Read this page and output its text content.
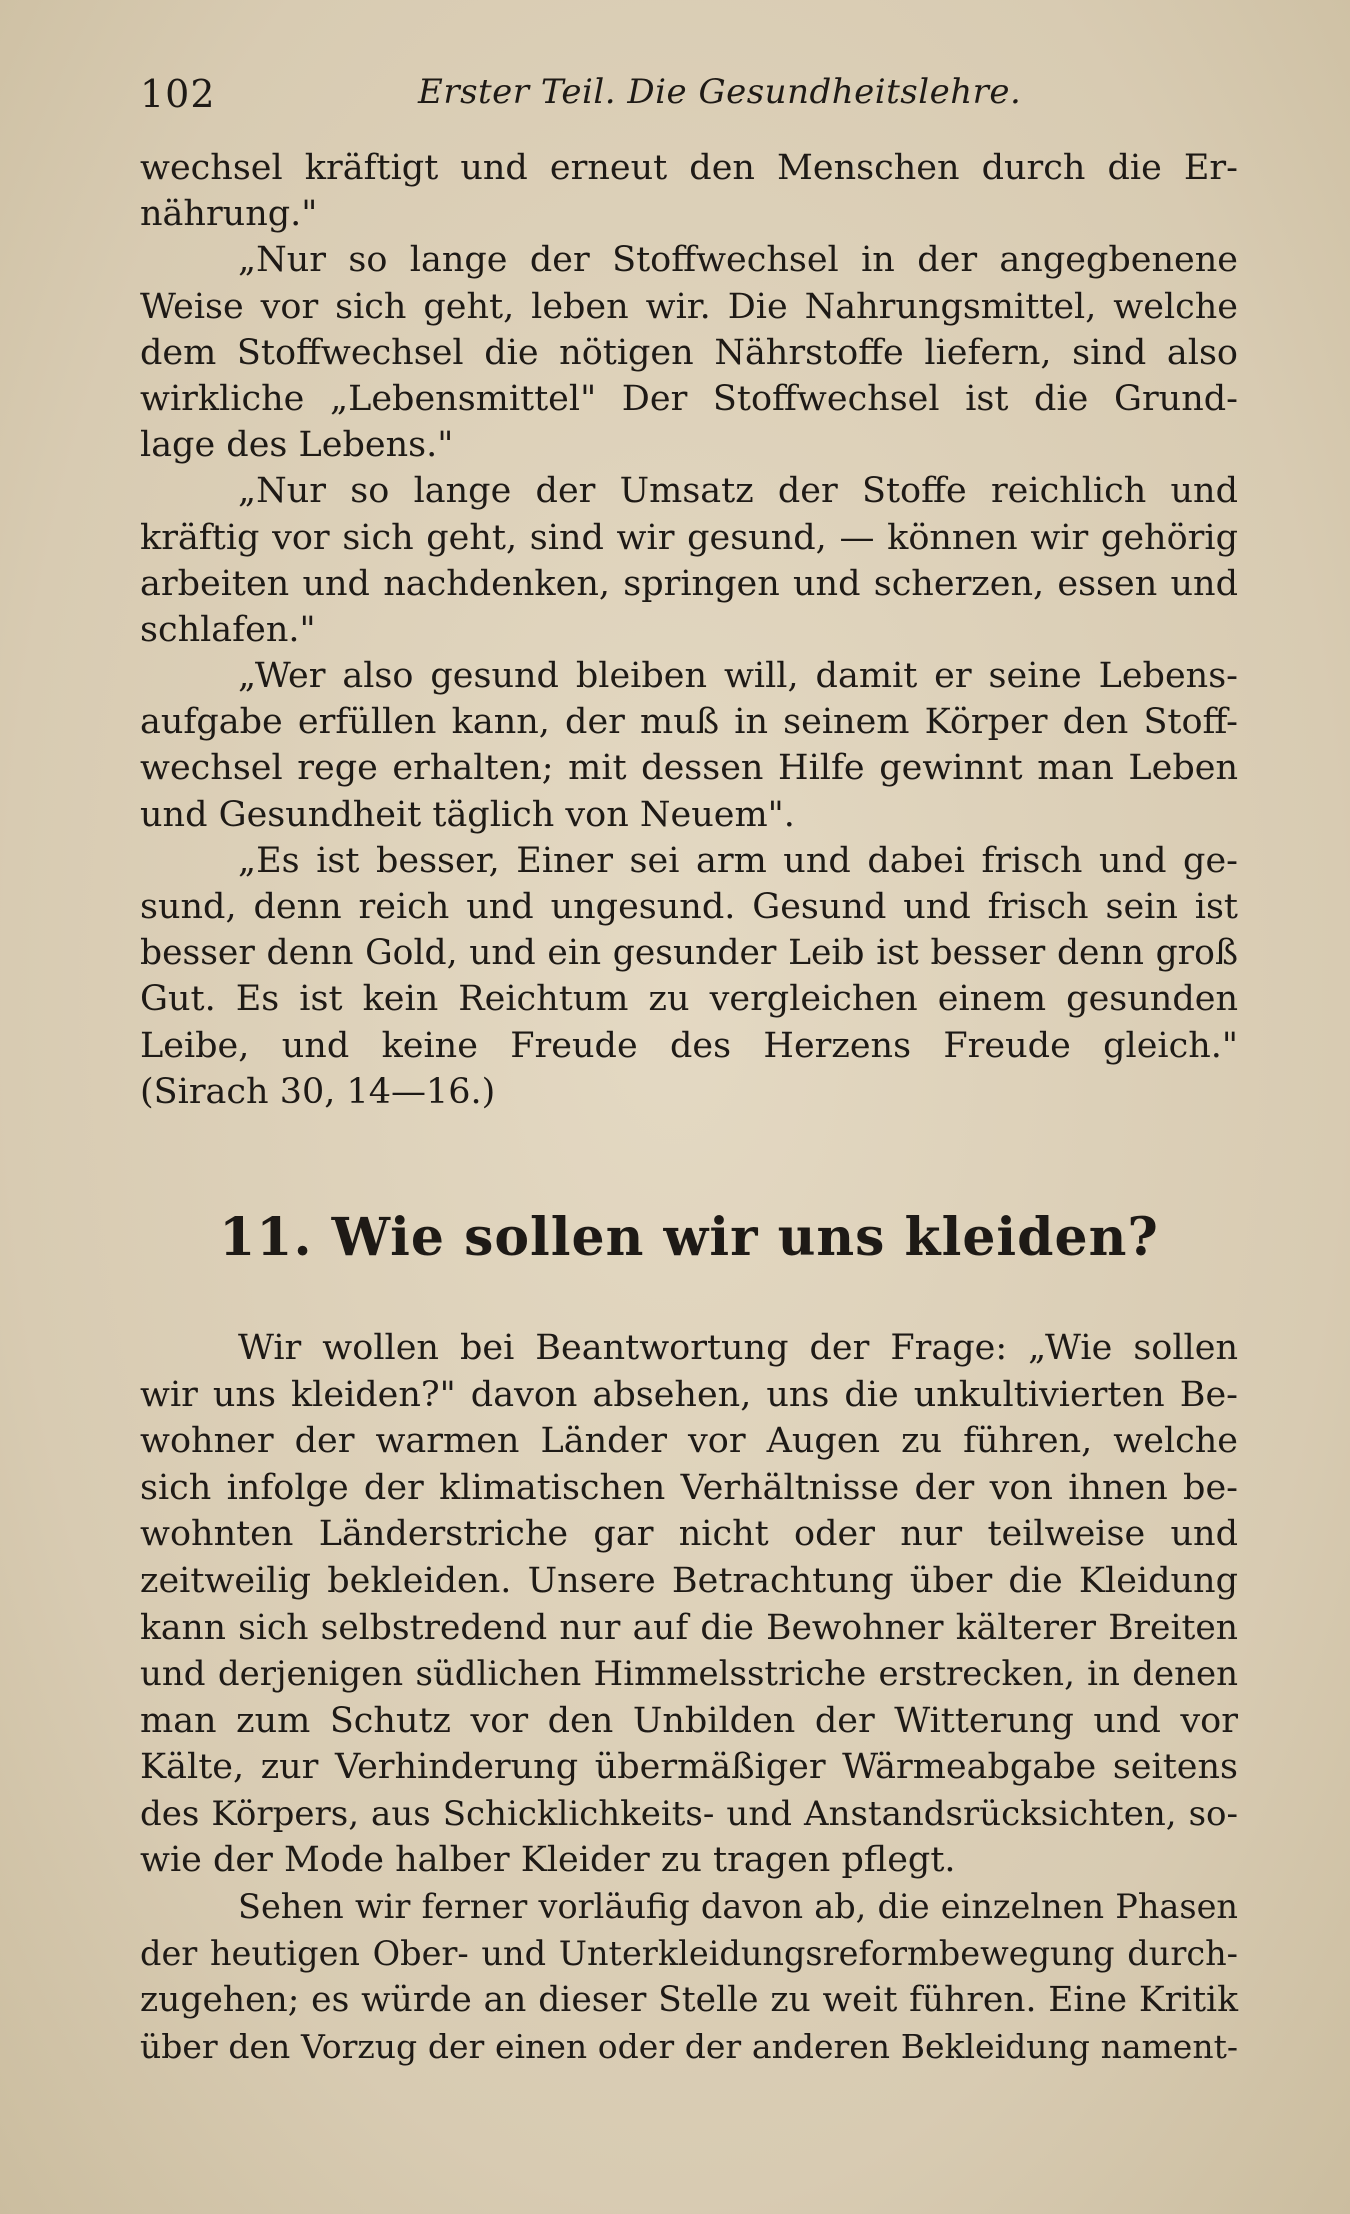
102	Erster Teil. Die Gesundheitslehre.
wechsel kräftigt und erneut den Menschen durch die Er-
nährung."
„Nur so lange der Stoffwechsel in der angegbenene
Weise vor sich geht, leben wir. Die Nahrungsmittel, welche
dem Stoffwechsel die nötigen Nährstoffe liefern, sind also
wirkliche „Lebensmittel" Der Stoffwechsel ist die Grund-
lage des Lebens."
„Nur so lange der Umsatz der Stoffe reichlich und
kräftig vor sich geht, sind wir gesund, — können wir gehörig
arbeiten und nachdenken, springen und scherzen, essen und
schlafen."
„Wer also gesund bleiben will, damit er seine Lebens-
aufgabe erfüllen kann, der muß in seinem Körper den Stoff-
wechsel rege erhalten; mit dessen Hilfe gewinnt man Leben
und Gesundheit täglich von Neuem".
„Es ist besser, Einer sei arm und dabei frisch und ge-
sund, denn reich und ungesund. Gesund und frisch sein ist
besser denn Gold, und ein gesunder Leib ist besser denn groß
Gut. Es ist kein Reichtum zu vergleichen einem gesunden
Leibe, und keine Freude des Herzens Freude gleich."
(Sirach 30, 14—16.)
11. Wie sollen wir uns kleiden?
Wir wollen bei Beantwortung der Frage: „Wie sollen
wir uns kleiden?" davon absehen, uns die unkultivierten Be-
wohner der warmen Länder vor Augen zu führen, welche
sich infolge der klimatischen Verhältnisse der von ihnen be-
wohnten Länderstriche gar nicht oder nur teilweise und
zeitweilig bekleiden. Unsere Betrachtung über die Kleidung
kann sich selbstredend nur auf die Bewohner kälterer Breiten
und derjenigen südlichen Himmelsstriche erstrecken, in denen
man zum Schutz vor den Unbilden der Witterung und vor
Kälte, zur Verhinderung übermäßiger Wärmeabgabe seitens
des Körpers, aus Schicklichkeits- und Anstandsrücksichten, so-
wie der Mode halber Kleider zu tragen pflegt.
Sehen wir ferner vorläufig davon ab, die einzelnen Phasen
der heutigen Ober- und Unterkleidungsreformbewegung durch-
zugehen; es würde an dieser Stelle zu weit führen. Eine Kritik
über den Vorzug der einen oder der anderen Bekleidung nament-
